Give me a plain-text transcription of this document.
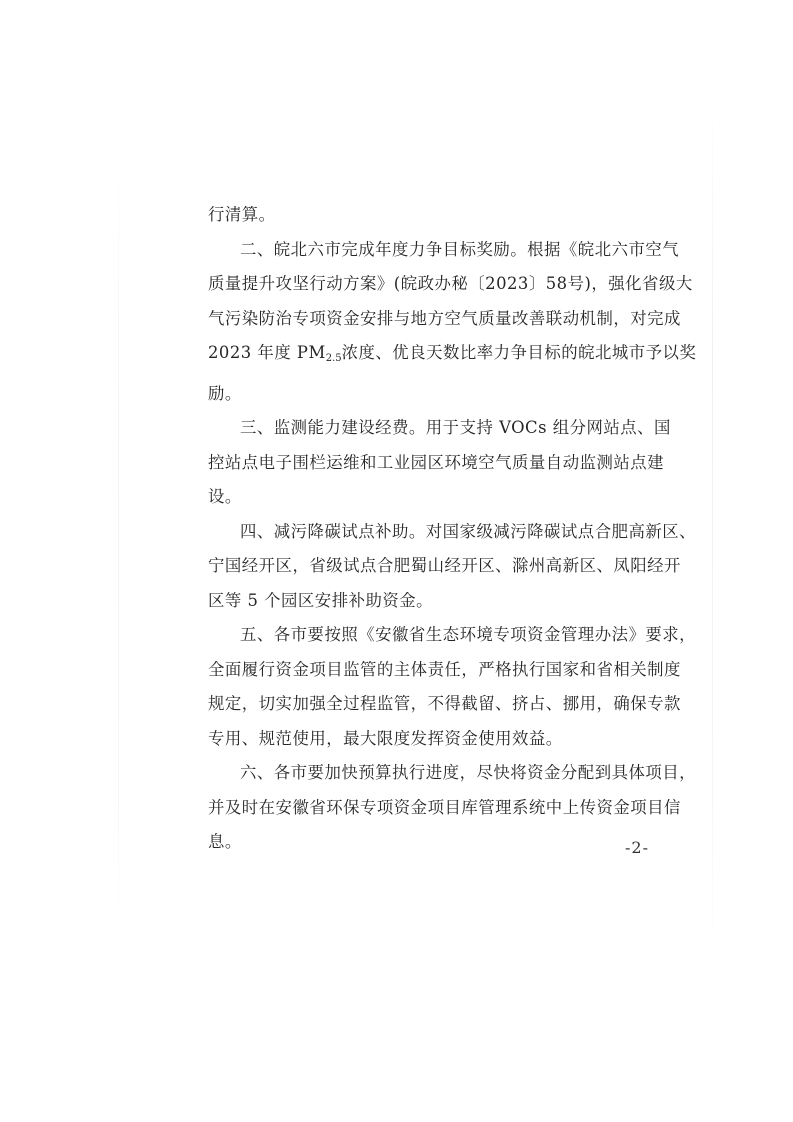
行清算。
二、皖北六市完成年度力争目标奖励。根据《皖北六市空气
质量提升攻坚行动方案》(皖政办秘〔2023〕58号)，强化省级大
气污染防治专项资金安排与地方空气质量改善联动机制，对完成
2023 年度 $PM_{2.5}$浓度、优良天数比率力争目标的皖北城市予以奖
励。
三、监测能力建设经费。用于支持 VOCs 组分网站点、国
控站点电子围栏运维和工业园区环境空气质量自动监测站点建
设。
四、减污降碳试点补助。对国家级减污降碳试点合肥高新区、
宁国经开区，省级试点合肥蜀山经开区、滁州高新区、凤阳经开
区等 5 个园区安排补助资金。
五、各市要按照《安徽省生态环境专项资金管理办法》要求，
全面履行资金项目监管的主体责任，严格执行国家和省相关制度
规定，切实加强全过程监管，不得截留、挤占、挪用，确保专款
专用、规范使用，最大限度发挥资金使用效益。
六、各市要加快预算执行进度，尽快将资金分配到具体项目，
并及时在安徽省环保专项资金项目库管理系统中上传资金项目信
息。	-2-
